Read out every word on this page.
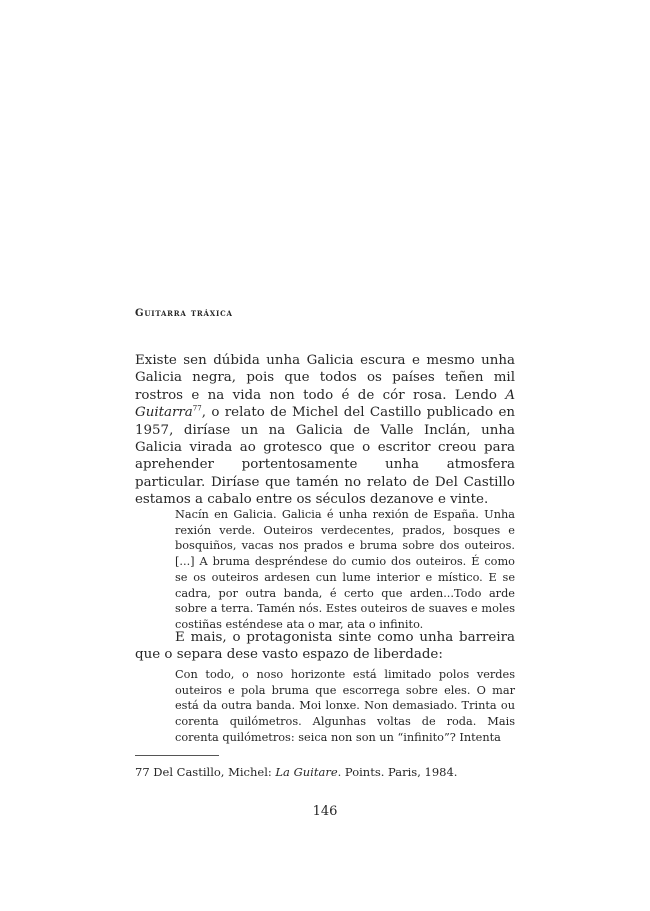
Guitarra tráxica

Existe sen dúbida unha Galicia escura e mesmo unha Galicia negra, pois que todos os países teñen mil rostros e na vida non todo é de cór rosa. Lendo A Guitarra$^{77}$, o relato de Michel del Castillo publicado en 1957, diríase un na Galicia de Valle Inclán, unha Galicia virada ao grotesco que o escritor creou para aprehender portentosamente unha atmosfera particular. Diríase que tamén no relato de Del Castillo estamos a cabalo entre os séculos dezanove e vinte.

Nacín en Galicia. Galicia é unha rexión de España. Unha rexión verde. Outeiros verdecentes, prados, bosques e bosquiños, vacas nos prados e bruma sobre dos outeiros. [...] A bruma despréndese do cumio dos outeiros. É como se os outeiros ardesen cun lume interior e místico. E se cadra, por outra banda, é certo que arden...Todo arde sobre a terra. Tamén nós. Estes outeiros de suaves e moles costiñas esténdese ata o mar, ata o infinito.

E mais, o protagonista sinte como unha barreira que o separa dese vasto espazo de liberdade:

Con todo, o noso horizonte está limitado polos verdes outeiros e pola bruma que escorrega sobre eles. O mar está da outra banda. Moi lonxe. Non demasiado. Trinta ou corenta quilómetros. Algunhas voltas de roda. Mais corenta quilómetros: seica non son un “infinito”? Intenta

77 Del Castillo, Michel: La Guitare. Points. Paris, 1984.

146
